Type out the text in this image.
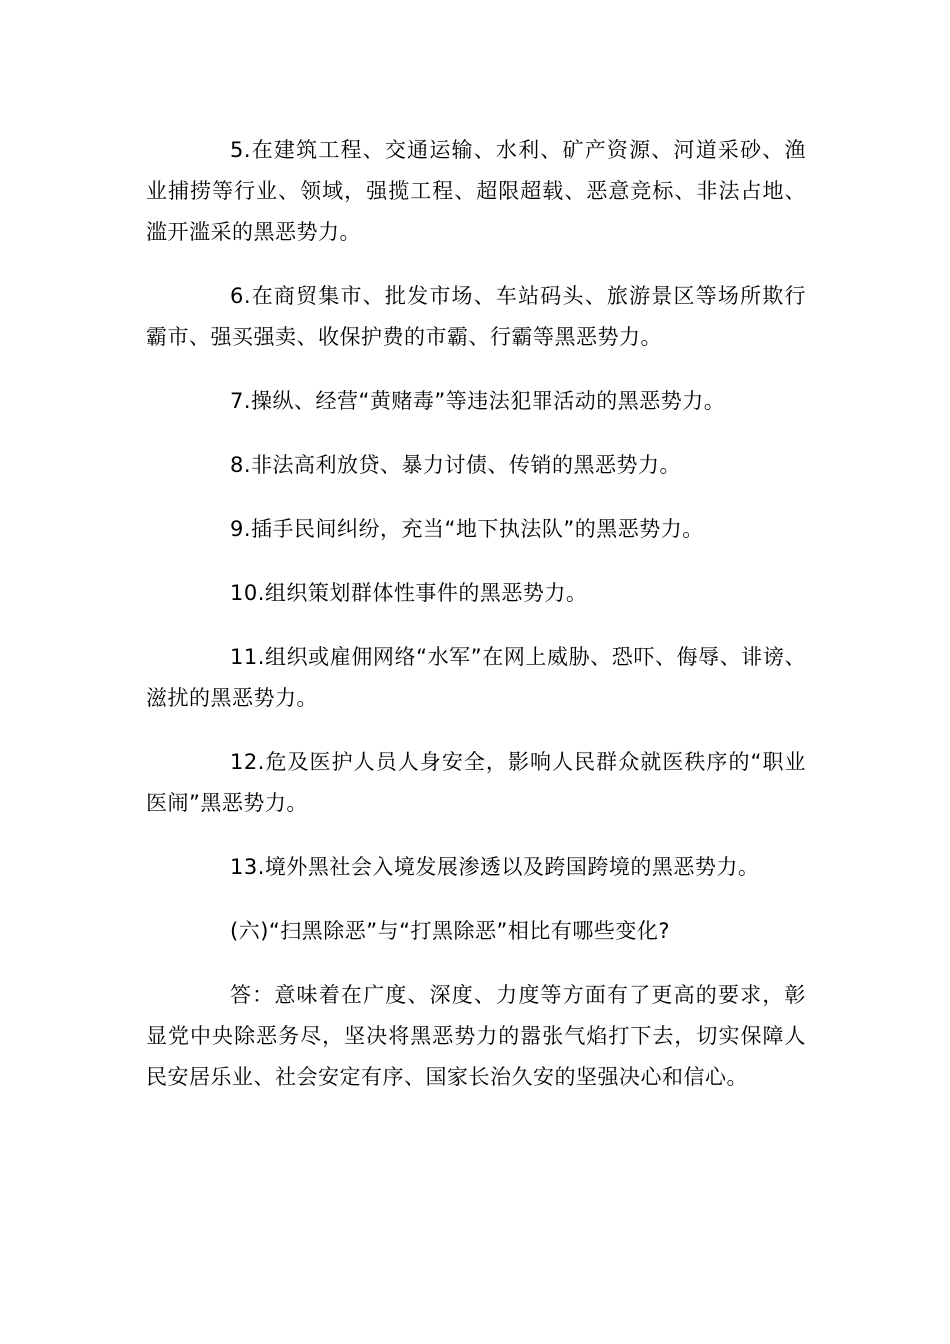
5.在建筑工程、交通运输、水利、矿产资源、河道采砂、渔业捕捞等行业、领域，强揽工程、超限超载、恶意竞标、非法占地、滥开滥采的黑恶势力。

6.在商贸集市、批发市场、车站码头、旅游景区等场所欺行霸市、强买强卖、收保护费的市霸、行霸等黑恶势力。

7.操纵、经营“黄赌毒”等违法犯罪活动的黑恶势力。

8.非法高利放贷、暴力讨债、传销的黑恶势力。

9.插手民间纠纷，充当“地下执法队”的黑恶势力。

10.组织策划群体性事件的黑恶势力。

11.组织或雇佣网络“水军”在网上威胁、恐吓、侮辱、诽谤、滋扰的黑恶势力。

12.危及医护人员人身安全，影响人民群众就医秩序的“职业医闹”黑恶势力。

13.境外黑社会入境发展渗透以及跨国跨境的黑恶势力。

(六)“扫黑除恶”与“打黑除恶”相比有哪些变化?

答：意味着在广度、深度、力度等方面有了更高的要求，彰显党中央除恶务尽，坚决将黑恶势力的嚣张气焰打下去，切实保障人民安居乐业、社会安定有序、国家长治久安的坚强决心和信心。
